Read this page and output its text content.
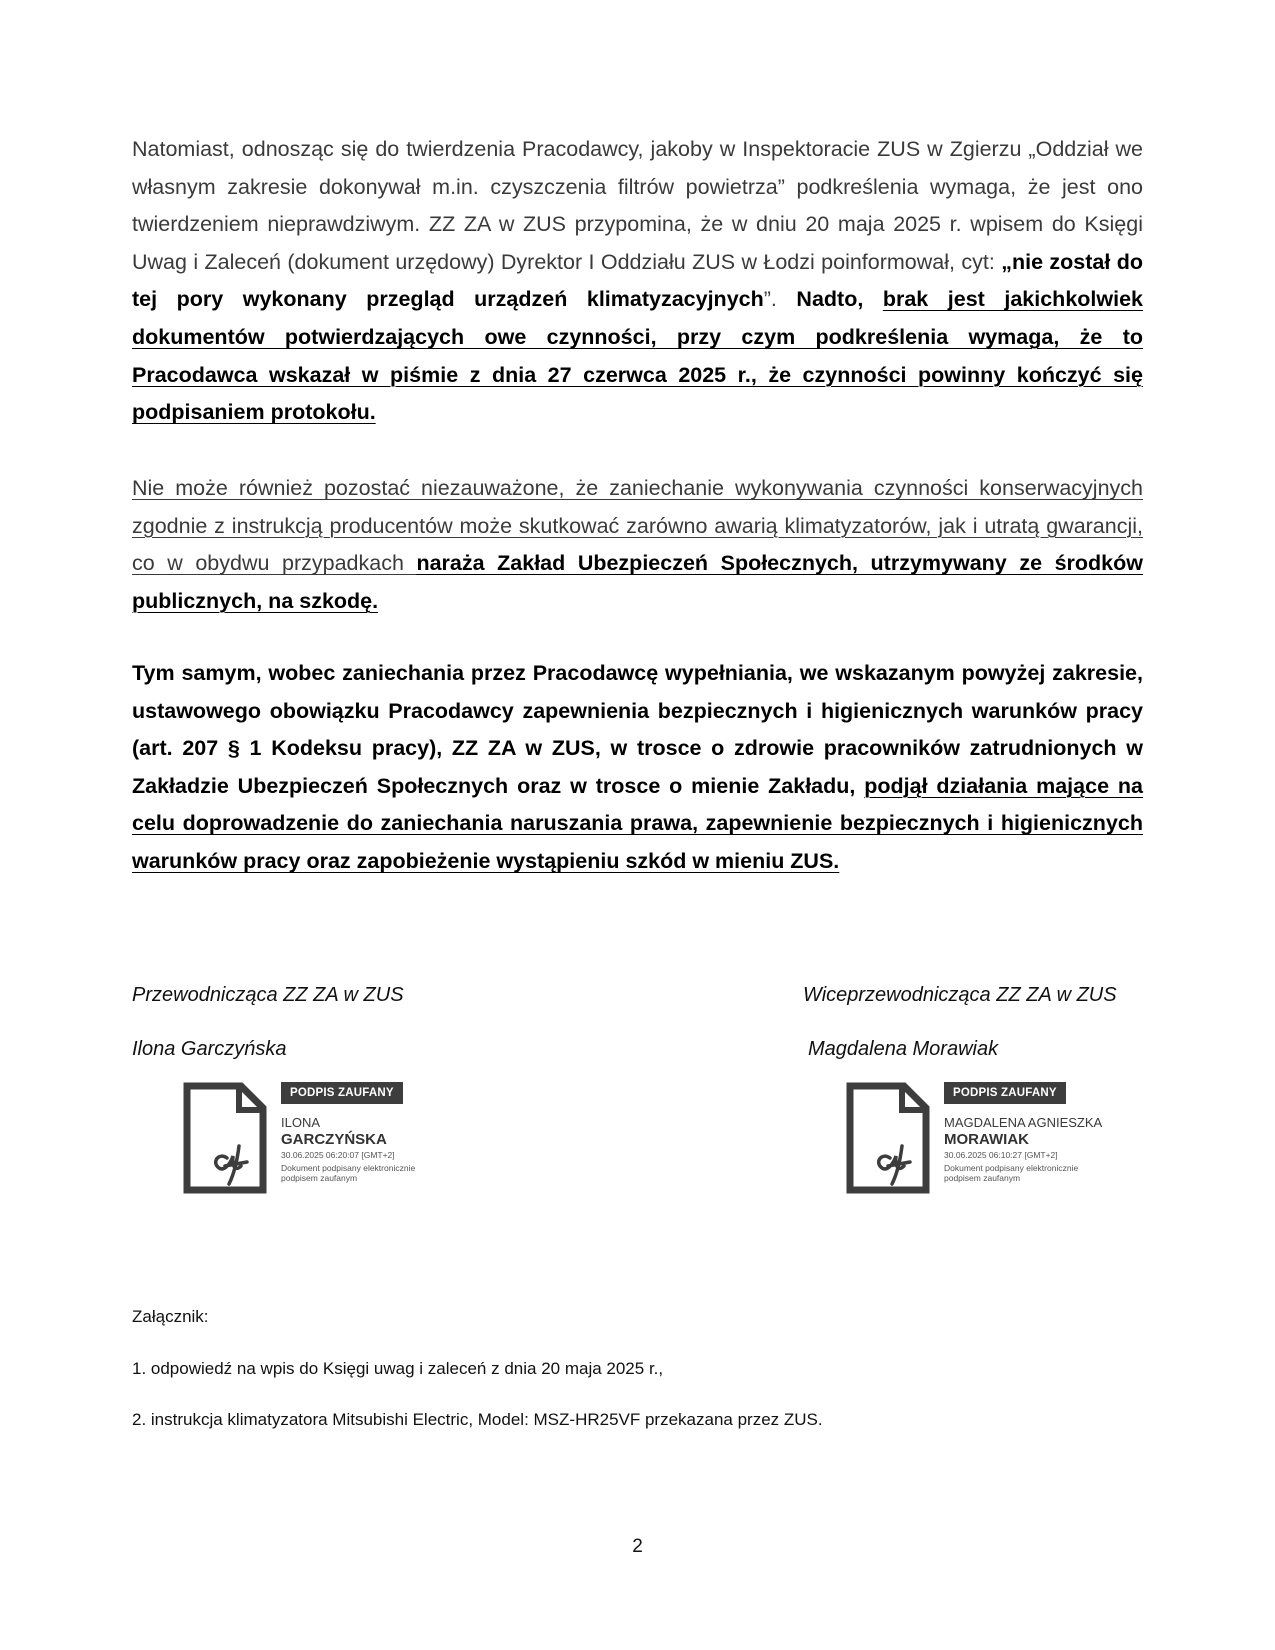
Natomiast, odnosząc się do twierdzenia Pracodawcy, jakoby w Inspektoracie ZUS w Zgierzu „Oddział we własnym zakresie dokonywał m.in. czyszczenia filtrów powietrza” podkreślenia wymaga, że jest ono twierdzeniem nieprawdziwym. ZZ ZA w ZUS przypomina, że w dniu 20 maja 2025 r. wpisem do Księgi Uwag i Zaleceń (dokument urzędowy) Dyrektor I Oddziału ZUS w Łodzi poinformował, cyt: „nie został do tej pory wykonany przegląd urządzeń klimatyzacyjnych”. Nadto, brak jest jakichkolwiek dokumentów potwierdzających owe czynności, przy czym podkreślenia wymaga, że to Pracodawca wskazał w piśmie z dnia 27 czerwca 2025 r., że czynności powinny kończyć się podpisaniem protokołu.

Nie może również pozostać niezauważone, że zaniechanie wykonywania czynności konserwacyjnych zgodnie z instrukcją producentów może skutkować zarówno awarią klimatyzatorów, jak i utratą gwarancji, co w obydwu przypadkach naraża Zakład Ubezpieczeń Społecznych, utrzymywany ze środków publicznych, na szkodę.

Tym samym, wobec zaniechania przez Pracodawcę wypełniania, we wskazanym powyżej zakresie, ustawowego obowiązku Pracodawcy zapewnienia bezpiecznych i higienicznych warunków pracy (art. 207 § 1 Kodeksu pracy), ZZ ZA w ZUS, w trosce o zdrowie pracowników zatrudnionych w Zakładzie Ubezpieczeń Społecznych oraz w trosce o mienie Zakładu, podjął działania mające na celu doprowadzenie do zaniechania naruszania prawa, zapewnienie bezpiecznych i higienicznych warunków pracy oraz zapobieżenie wystąpieniu szkód w mieniu ZUS.

Przewodnicząca ZZ ZA w ZUS

Ilona Garczyńska

PODPIS ZAUFANY
ILONA
GARCZYŃSKA
30.06.2025 06:20:07 [GMT+2]
Dokument podpisany elektronicznie podpisem zaufanym

Wiceprzewodnicząca ZZ ZA w ZUS

Magdalena Morawiak

PODPIS ZAUFANY
MAGDALENA AGNIESZKA
MORAWIAK
30.06.2025 06:10:27 [GMT+2]
Dokument podpisany elektronicznie podpisem zaufanym

Załącznik:

1. odpowiedź na wpis do Księgi uwag i zaleceń z dnia 20 maja 2025 r.,

2. instrukcja klimatyzatora Mitsubishi Electric, Model: MSZ-HR25VF przekazana przez ZUS.

2
